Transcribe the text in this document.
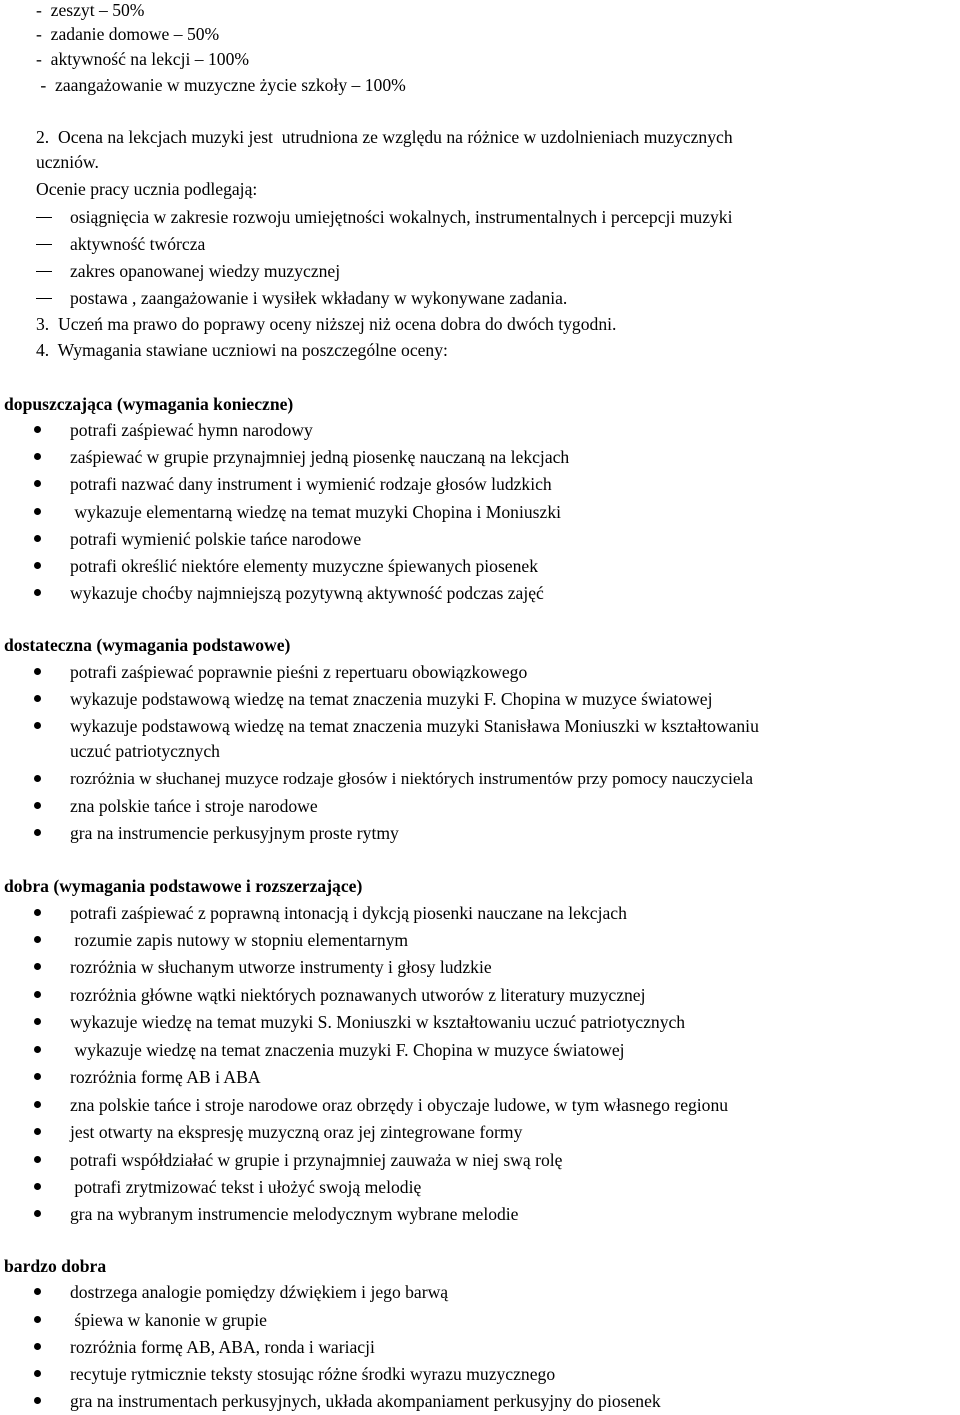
-  zeszyt – 50%
-  zadanie domowe – 50%
-  aktywność na lekcji – 100%
-  zaangażowanie w muzyczne życie szkoły – 100%
2.  Ocena na lekcjach muzyki jest  utrudniona ze względu na różnice w uzdolnieniach muzycznych
uczniów.
Ocenie pracy ucznia podlegają:
osiągnięcia w zakresie rozwoju umiejętności wokalnych, instrumentalnych i percepcji muzyki
aktywność twórcza
zakres opanowanej wiedzy muzycznej
postawa , zaangażowanie i wysiłek wkładany w wykonywane zadania.
3.  Uczeń ma prawo do poprawy oceny niższej niż ocena dobra do dwóch tygodni.
4.  Wymagania stawiane uczniowi na poszczególne oceny:
dopuszczająca (wymagania konieczne)
potrafi zaśpiewać hymn narodowy
zaśpiewać w grupie przynajmniej jedną piosenkę nauczaną na lekcjach
potrafi nazwać dany instrument i wymienić rodzaje głosów ludzkich
wykazuje elementarną wiedzę na temat muzyki Chopina i Moniuszki
potrafi wymienić polskie tańce narodowe
potrafi określić niektóre elementy muzyczne śpiewanych piosenek
wykazuje choćby najmniejszą pozytywną aktywność podczas zajęć
dostateczna (wymagania podstawowe)
potrafi zaśpiewać poprawnie pieśni z repertuaru obowiązkowego
wykazuje podstawową wiedzę na temat znaczenia muzyki F. Chopina w muzyce światowej
wykazuje podstawową wiedzę na temat znaczenia muzyki Stanisława Moniuszki w kształtowaniu
uczuć patriotycznych
rozróżnia w słuchanej muzyce rodzaje głosów i niektórych instrumentów przy pomocy nauczyciela
zna polskie tańce i stroje narodowe
gra na instrumencie perkusyjnym proste rytmy
dobra (wymagania podstawowe i rozszerzające)
potrafi zaśpiewać z poprawną intonacją i dykcją piosenki nauczane na lekcjach
rozumie zapis nutowy w stopniu elementarnym
rozróżnia w słuchanym utworze instrumenty i głosy ludzkie
rozróżnia główne wątki niektórych poznawanych utworów z literatury muzycznej
wykazuje wiedzę na temat muzyki S. Moniuszki w kształtowaniu uczuć patriotycznych
wykazuje wiedzę na temat znaczenia muzyki F. Chopina w muzyce światowej
rozróżnia formę AB i ABA
zna polskie tańce i stroje narodowe oraz obrzędy i obyczaje ludowe, w tym własnego regionu
jest otwarty na ekspresję muzyczną oraz jej zintegrowane formy
potrafi współdziałać w grupie i przynajmniej zauważa w niej swą rolę
potrafi zrytmizować tekst i ułożyć swoją melodię
gra na wybranym instrumencie melodycznym wybrane melodie
bardzo dobra
dostrzega analogie pomiędzy dźwiękiem i jego barwą
śpiewa w kanonie w grupie
rozróżnia formę AB, ABA, ronda i wariacji
recytuje rytmicznie teksty stosując różne środki wyrazu muzycznego
gra na instrumentach perkusyjnych, układa akompaniament perkusyjny do piosenek
